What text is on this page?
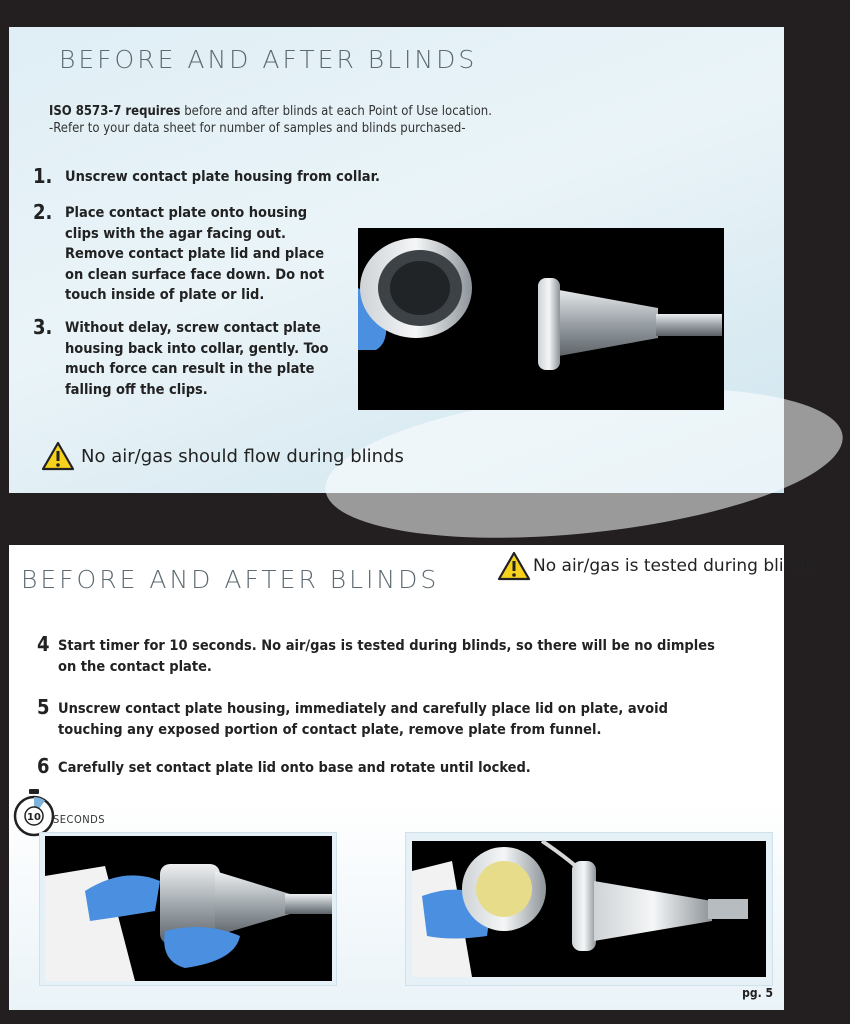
BEFORE AND AFTER BLINDS
ISO 8573-7 requires before and after blinds at each Point of Use location.
-Refer to your data sheet for number of samples and blinds purchased-
1. Unscrew contact plate housing from collar.
2. Place contact plate onto housing clips with the agar facing out. Remove contact plate lid and place on clean surface face down. Do not touch inside of plate or lid.
3. Without delay, screw contact plate housing back into collar, gently. Too much force can result in the plate falling off the clips.
No air/gas should flow during blinds
BEFORE AND AFTER BLINDS	No air/gas is tested during blinds
4 Start timer for 10 seconds. No air/gas is tested during blinds, so there will be no dimples on the contact plate.
5 Unscrew contact plate housing, immediately and carefully place lid on plate, avoid touching any exposed portion of contact plate, remove plate from funnel.
6 Carefully set contact plate lid onto base and rotate until locked.
10 SECONDS
pg. 5
